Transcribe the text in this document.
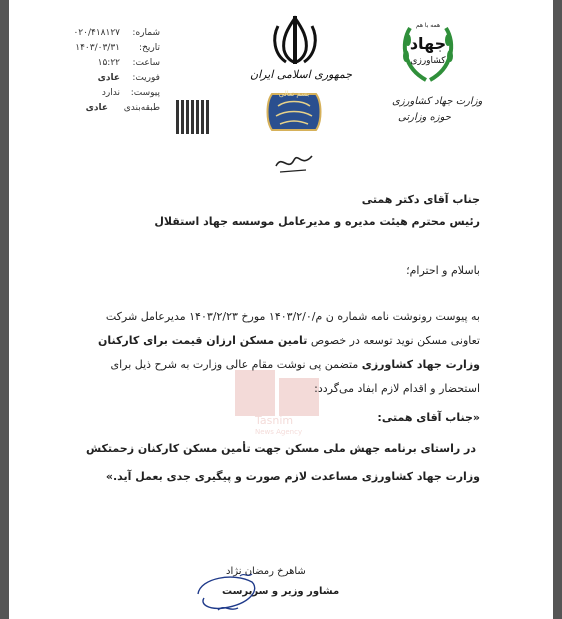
شماره:
۰۲۰/۴۱۸۱۲۷
تاریخ:
۱۴۰۳/۰۳/۳۱
ساعت:
۱۵:۲۲
فوریت:
عادی
پیوست:
ندارد
طبقه‌بندی
عادی
جمهوری اسلامی ایران
بسم تعالی
همه با هم
جهاد
کشاورزی
وزارت جهاد کشاورزی
حوزه وزارتی
Tasnim
News Agency
جناب آقای دکتر همتی
رئیس محترم هیئت مدیره و مدیرعامل موسسه جهاد استقلال
باسلام و احترام؛
به پیوست رونوشت نامه شماره ن م/۱۴۰۳/۲/۰ مورخ ۱۴۰۳/۲/۲۳ مدیرعامل شرکت
تعاونی مسکن نوید توسعه در خصوص تامین مسکن ارزان قیمت برای کارکنان
وزارت جهاد کشاورزی متضمن پی نوشت مقام عالی وزارت به شرح ذیل برای
استحضار و اقدام لازم ابفاد می‌گردد:
«جناب آقای همتی:
در راستای برنامه جهش ملی مسکن جهت تأمین مسکن کارکنان زحمتکش
وزارت جهاد کشاورزی مساعدت لازم صورت و پیگیری جدی بعمل آید.»
شاهرخ رمضان نژاد
مشاور وزیر و سرپرست
